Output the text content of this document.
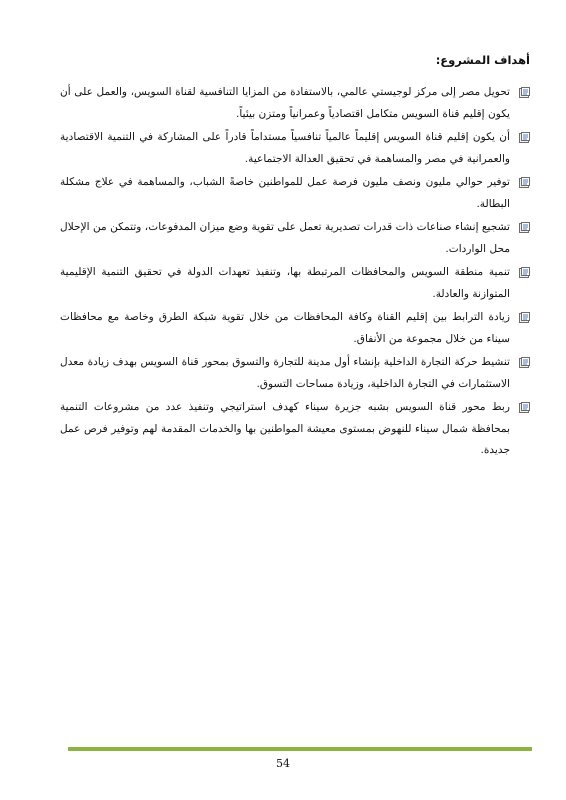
أهداف المشروع:
تحويل مصر إلى مركز لوجيستي عالمي، بالاستفادة من المزايا التنافسية لقناة السويس، والعمل على أن يكون إقليم قناة السويس متكامل اقتصادياً وعمرانياً ومتزن بيئياً.
أن يكون إقليم قناة السويس إقليماً عالمياً تنافسياً مستداماً قادراً على المشاركة في التنمية الاقتصادية والعمرانية في مصر والمساهمة في تحقيق العدالة الاجتماعية.
توفير حوالي مليون ونصف مليون فرصة عمل للمواطنين خاصةً الشباب، والمساهمة في علاج مشكلة البطالة.
تشجيع إنشاء صناعات ذات قدرات تصديرية تعمل على تقوية وضع ميزان المدفوعات، وتتمكن من الإحلال محل الواردات.
تنمية منطقة السويس والمحافظات المرتبطة بها، وتنفيذ تعهدات الدولة في تحقيق التنمية الإقليمية المتوازنة والعادلة.
زيادة الترابط بين إقليم القناة وكافة المحافظات من خلال تقوية شبكة الطرق وخاصة مع محافظات سيناء من خلال مجموعة من الأنفاق.
تنشيط حركة التجارة الداخلية بإنشاء أول مدينة للتجارة والتسوق بمحور قناة السويس بهدف زيادة معدل الاستثمارات في التجارة الداخلية، وزيادة مساحات التسوق.
ربط محور قناة السويس بشبه جزيرة سيناء كهدف استراتيجي وتنفيذ عدد من مشروعات التنمية بمحافظة شمال سيناء للنهوض بمستوى معيشة المواطنين بها والخدمات المقدمة لهم وتوفير فرص عمل جديدة.
54
